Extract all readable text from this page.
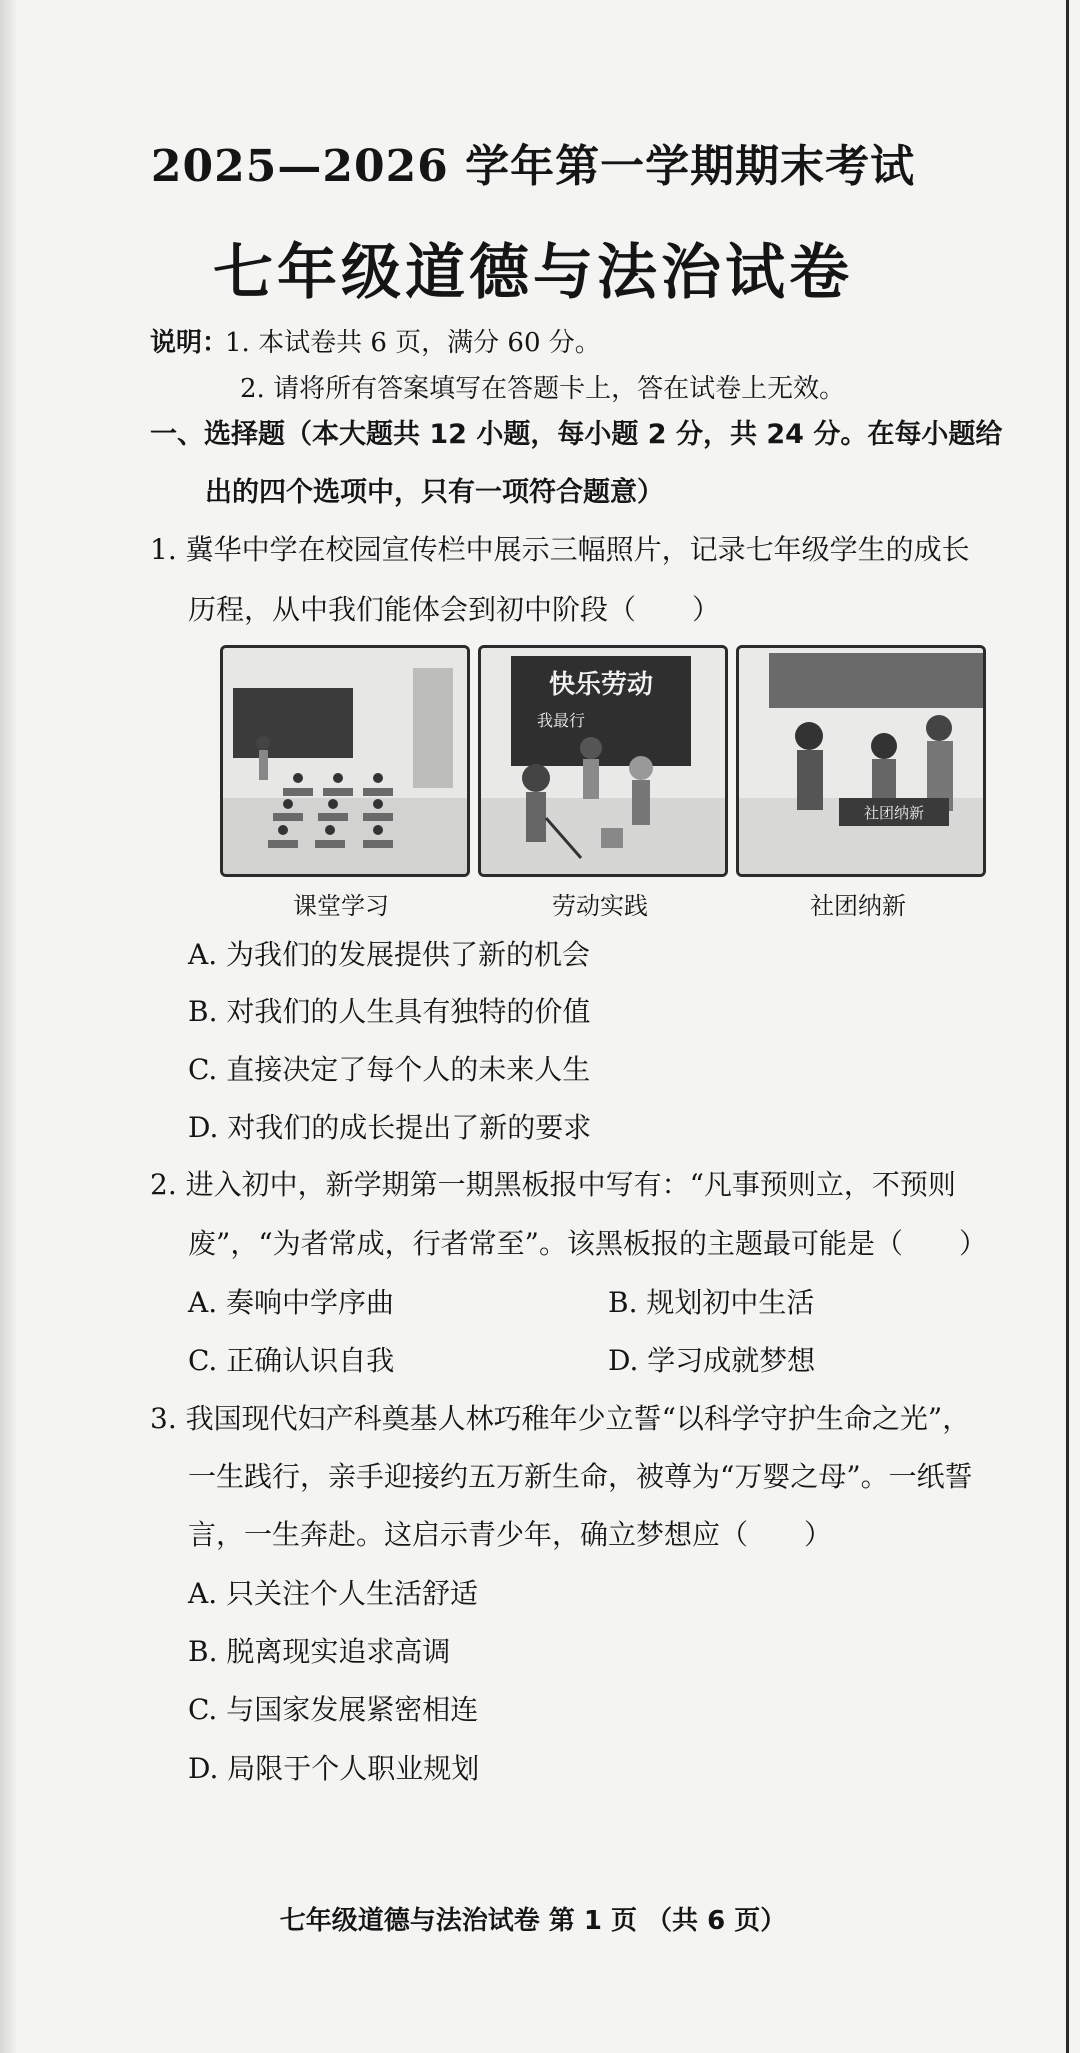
2025—2026 学年第一学期期末考试
七年级道德与法治试卷
说明：
1. 本试卷共 6 页，满分 60 分。
2. 请将所有答案填写在答题卡上，答在试卷上无效。
一、选择题（本大题共 12 小题，每小题 2 分，共 24 分。在每小题给
出的四个选项中，只有一项符合题意）
1. 冀华中学在校园宣传栏中展示三幅照片，记录七年级学生的成长
历程，从中我们能体会到初中阶段（　　）
快乐劳动
我最行
社团纳新
课堂学习	劳动实践	社团纳新
A. 为我们的发展提供了新的机会
B. 对我们的人生具有独特的价值
C. 直接决定了每个人的未来人生
D. 对我们的成长提出了新的要求
2. 进入初中，新学期第一期黑板报中写有：“凡事预则立，不预则
废”，“为者常成，行者常至”。该黑板报的主题最可能是（　　）
A. 奏响中学序曲	B. 规划初中生活
C. 正确认识自我	D. 学习成就梦想
3. 我国现代妇产科奠基人林巧稚年少立誓“以科学守护生命之光”，
一生践行，亲手迎接约五万新生命，被尊为“万婴之母”。一纸誓
言，一生奔赴。这启示青少年，确立梦想应（　　）
A. 只关注个人生活舒适
B. 脱离现实追求高调
C. 与国家发展紧密相连
D. 局限于个人职业规划
七年级道德与法治试卷 第 1 页 （共 6 页）
